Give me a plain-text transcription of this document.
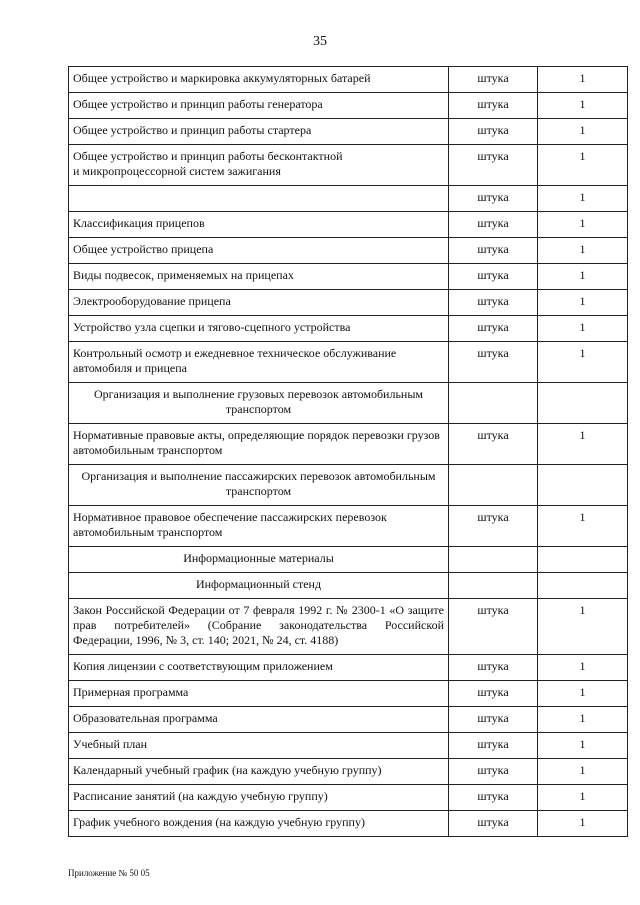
35
Общее устройство и маркировка аккумуляторных батарей	штука	1
Общее устройство и принцип работы генератора	штука	1
Общее устройство и принцип работы стартера	штука	1
Общее устройство и принцип работы бесконтактной
и микропроцессорной систем зажигания	штука	1
	штука	1
Классификация прицепов	штука	1
Общее устройство прицепа	штука	1
Виды подвесок, применяемых на прицепах	штука	1
Электрооборудование прицепа	штука	1
Устройство узла сцепки и тягово-сцепного устройства	штука	1
Контрольный осмотр и ежедневное техническое обслуживание автомобиля и прицепа	штука	1
Организация и выполнение грузовых перевозок автомобильным транспортом		
Нормативные правовые акты, определяющие порядок перевозки грузов автомобильным транспортом	штука	1
Организация и выполнение пассажирских перевозок автомобильным транспортом		
Нормативное правовое обеспечение пассажирских перевозок автомобильным транспортом	штука	1
Информационные материалы		
Информационный стенд		
Закон Российской Федерации от 7 февраля 1992 г. № 2300-1 «О защите прав потребителей» (Собрание законодательства Российской Федерации, 1996, № 3, ст. 140; 2021, № 24, ст. 4188)	штука	1
Копия лицензии с соответствующим приложением	штука	1
Примерная программа	штука	1
Образовательная программа	штука	1
Учебный план	штука	1
Календарный учебный график (на каждую учебную группу)	штука	1
Расписание занятий (на каждую учебную группу)	штука	1
График учебного вождения (на каждую учебную группу)	штука	1
Приложение № 50 05
